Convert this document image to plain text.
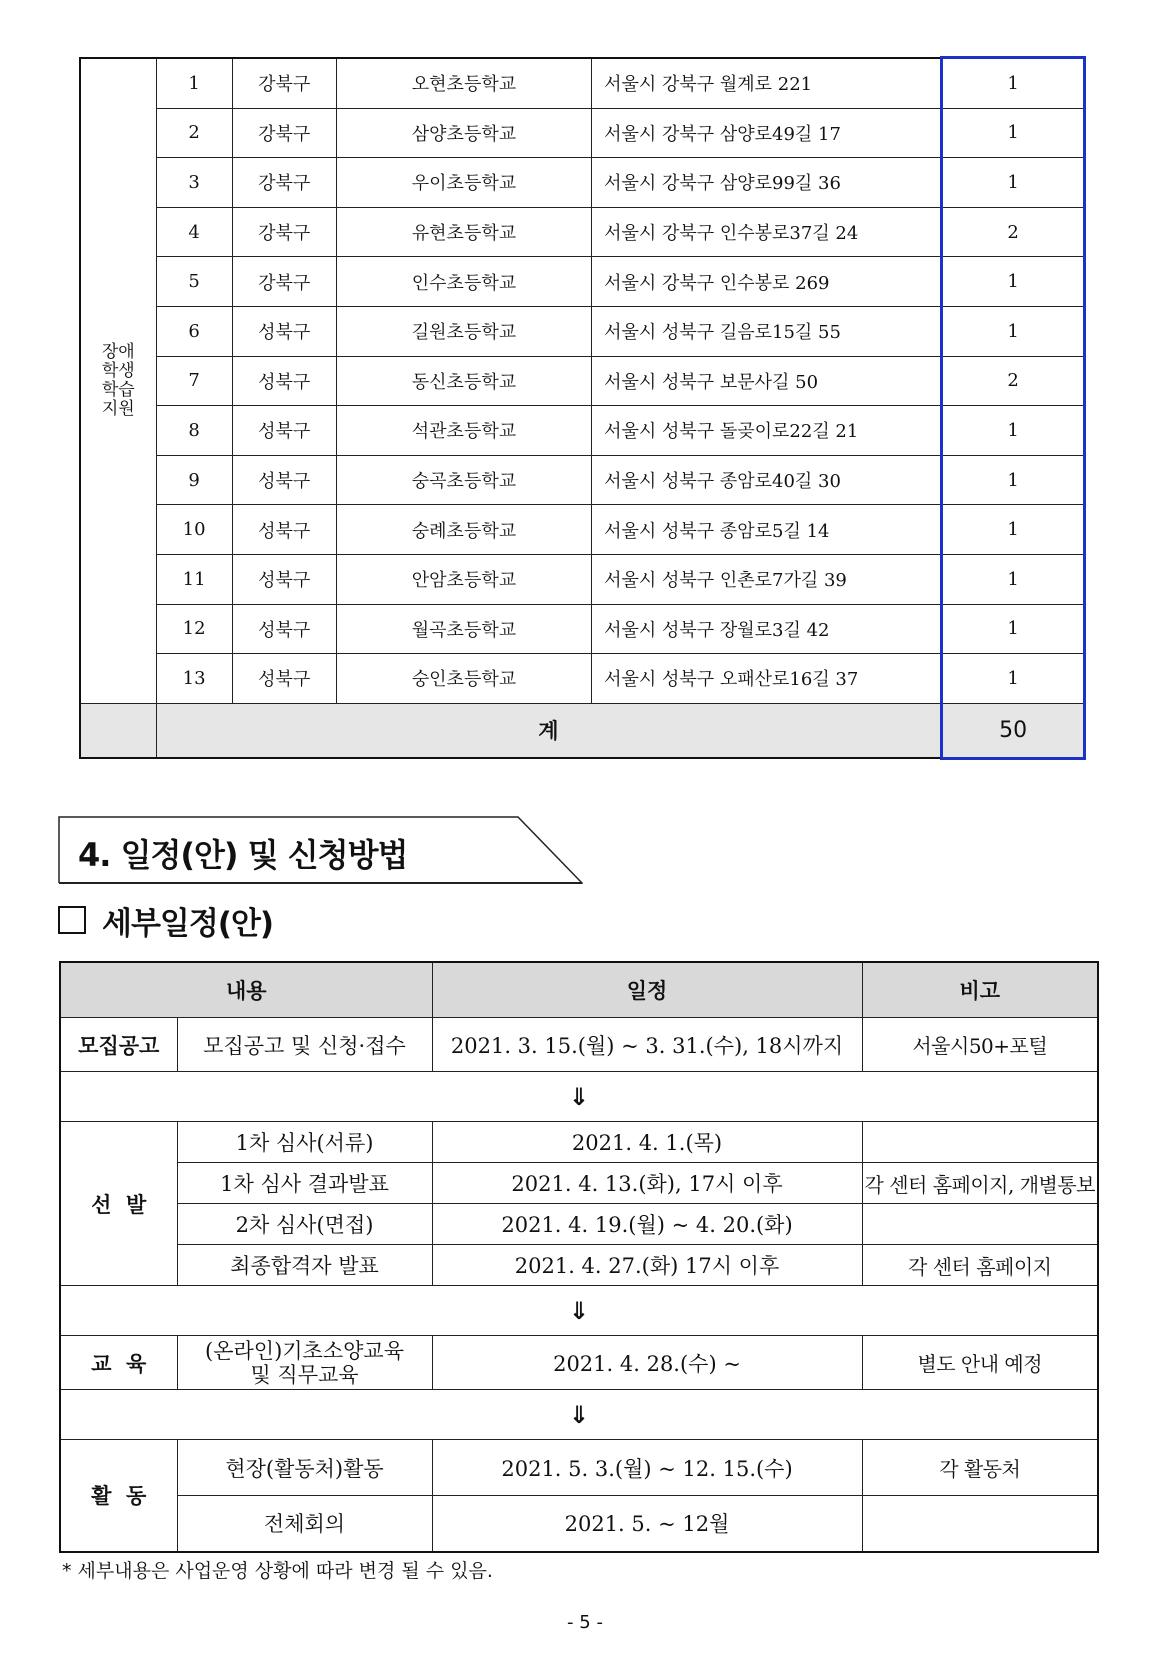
장애
학생
학습
지원	1	강북구	오현초등학교	서울시 강북구 월계로 221	1
	2	강북구	삼양초등학교	서울시 강북구 삼양로49길 17	1
	3	강북구	우이초등학교	서울시 강북구 삼양로99길 36	1
	4	강북구	유현초등학교	서울시 강북구 인수봉로37길 24	2
	5	강북구	인수초등학교	서울시 강북구 인수봉로 269	1
	6	성북구	길원초등학교	서울시 성북구 길음로15길 55	1
	7	성북구	동신초등학교	서울시 성북구 보문사길 50	2
	8	성북구	석관초등학교	서울시 성북구 돌곶이로22길 21	1
	9	성북구	숭곡초등학교	서울시 성북구 종암로40길 30	1
	10	성북구	숭례초등학교	서울시 성북구 종암로5길 14	1
	11	성북구	안암초등학교	서울시 성북구 인촌로7가길 39	1
	12	성북구	월곡초등학교	서울시 성북구 장월로3길 42	1
	13	성북구	숭인초등학교	서울시 성북구 오패산로16길 37	1
	계				50
4. 일정(안) 및 신청방법
세부일정(안)
내용		일정	비고
모집공고	모집공고 및 신청·접수	2021. 3. 15.(월) ~ 3. 31.(수), 18시까지	서울시50+포털
⇓			
선  발	1차 심사(서류)	2021. 4. 1.(목)	
	1차 심사 결과발표	2021. 4. 13.(화), 17시 이후	각 센터 홈페이지, 개별통보
	2차 심사(면접)	2021. 4. 19.(월) ~ 4. 20.(화)	
	최종합격자 발표	2021. 4. 27.(화) 17시 이후	각 센터 홈페이지
⇓			
교  육	(온라인)기초소양교육
및 직무교육	2021. 4. 28.(수) ~	별도 안내 예정
⇓			
활  동	현장(활동처)활동	2021. 5. 3.(월) ~ 12. 15.(수)	각 활동처
	전체회의	2021. 5. ~ 12월	
* 세부내용은 사업운영 상황에 따라 변경 될 수 있음.
- 5 -
